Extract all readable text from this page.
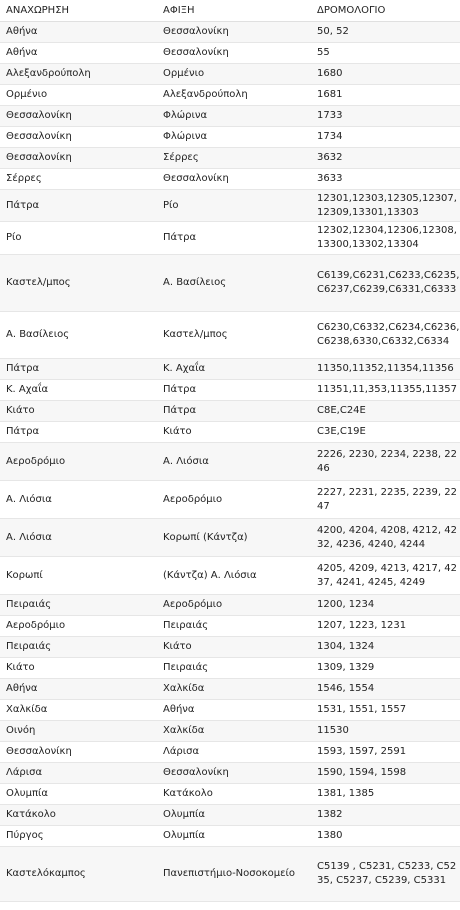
ΑΝΑΧΩΡΗΣΗ	ΑΦΙΞΗ	ΔΡΟΜΟΛΟΓΙΟ
Αθήνα	Θεσσαλονίκη	50, 52
Αθήνα	Θεσσαλονίκη	55
Αλεξανδρούπολη	Ορμένιο	1680
Ορμένιο	Αλεξανδρούπολη	1681
Θεσσαλονίκη	Φλώρινα	1733
Θεσσαλονίκη	Φλώρινα	1734
Θεσσαλονίκη	Σέρρες	3632
Σέρρες	Θεσσαλονίκη	3633
Πάτρα	Ρίο	12301,12303,12305,12307,12309,13301,13303
Ρίο	Πάτρα	12302,12304,12306,12308,13300,13302,13304
Καστελ/μπος	Α. Βασίλειος	C6139,C6231,C6233,C6235,C6237,C6239,C6331,C6333
Α. Βασίλειος	Καστελ/μπος	C6230,C6332,C6234,C6236,C6238,6330,C6332,C6334
Πάτρα	Κ. Αχαΐα	11350,11352,11354,11356
Κ. Αχαΐα	Πάτρα	11351,11,353,11355,11357
Κιάτο	Πάτρα	C8E,C24E
Πάτρα	Κιάτο	C3E,C19E
Αεροδρόμιο	Α. Λιόσια	2226, 2230, 2234, 2238, 2246
Α. Λιόσια	Αεροδρόμιο	2227, 2231, 2235, 2239, 2247
Α. Λιόσια	Κορωπί (Κάντζα)	4200, 4204, 4208, 4212, 4232, 4236, 4240, 4244
Κορωπί	(Κάντζα) Α. Λιόσια	4205, 4209, 4213, 4217, 4237, 4241, 4245, 4249
Πειραιάς	Αεροδρόμιο	1200, 1234
Αεροδρόμιο	Πειραιάς	1207, 1223, 1231
Πειραιάς	Κιάτο	1304, 1324
Κιάτο	Πειραιάς	1309, 1329
Αθήνα	Χαλκίδα	1546, 1554
Χαλκίδα	Αθήνα	1531, 1551, 1557
Οινόη	Χαλκίδα	11530
Θεσσαλονίκη	Λάρισα	1593, 1597, 2591
Λάρισα	Θεσσαλονίκη	1590, 1594, 1598
Ολυμπία	Κατάκολο	1381, 1385
Κατάκολο	Ολυμπία	1382
Πύργος	Ολυμπία	1380
Καστελόκαμπος	Πανεπιστήμιο-Νοσοκομείο	C5139 , C5231, C5233, C5235, C5237, C5239, C5331
